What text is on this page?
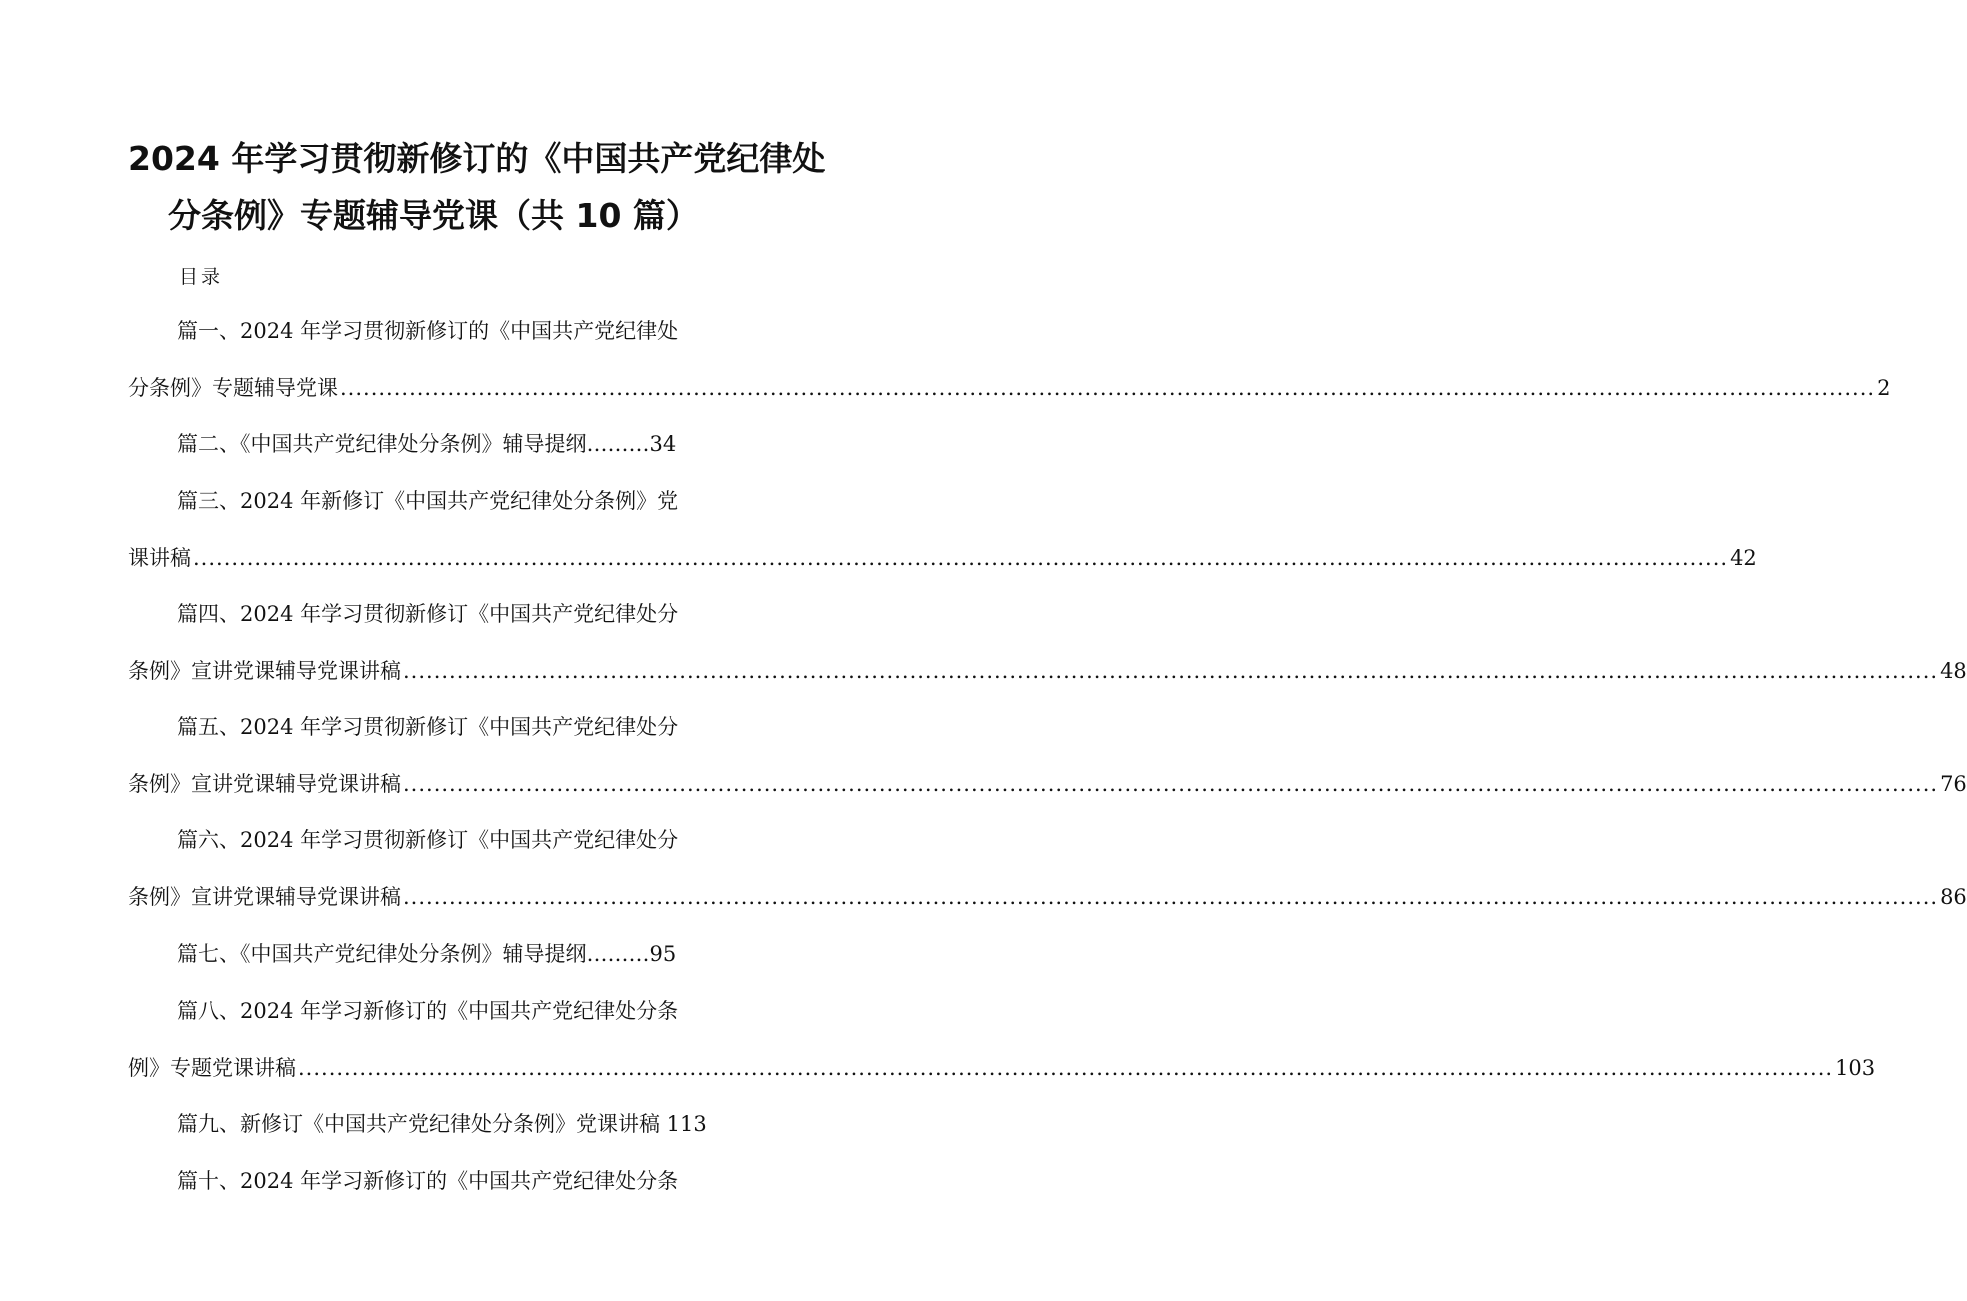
2024 年学习贯彻新修订的《中国共产党纪律处
分条例》专题辅导党课（共 10 篇）
目录
篇一、2024 年学习贯彻新修订的《中国共产党纪律处
分条例》专题辅导党课 ........................................................................................................................................................................................................ 2
篇二、《中国共产党纪律处分条例》辅导提纲………34
篇三、2024 年新修订《中国共产党纪律处分条例》党
课讲稿 ........................................................................................................................................................................................................ 42
篇四、2024 年学习贯彻新修订《中国共产党纪律处分
条例》宣讲党课辅导党课讲稿 ........................................................................................................................................................................................................ 48
篇五、2024 年学习贯彻新修订《中国共产党纪律处分
条例》宣讲党课辅导党课讲稿 ........................................................................................................................................................................................................ 76
篇六、2024 年学习贯彻新修订《中国共产党纪律处分
条例》宣讲党课辅导党课讲稿 ........................................................................................................................................................................................................ 86
篇七、《中国共产党纪律处分条例》辅导提纲………95
篇八、2024 年学习新修订的《中国共产党纪律处分条
例》专题党课讲稿 ........................................................................................................................................................................................................ 103
篇九、新修订《中国共产党纪律处分条例》党课讲稿 113
篇十、2024 年学习新修订的《中国共产党纪律处分条
